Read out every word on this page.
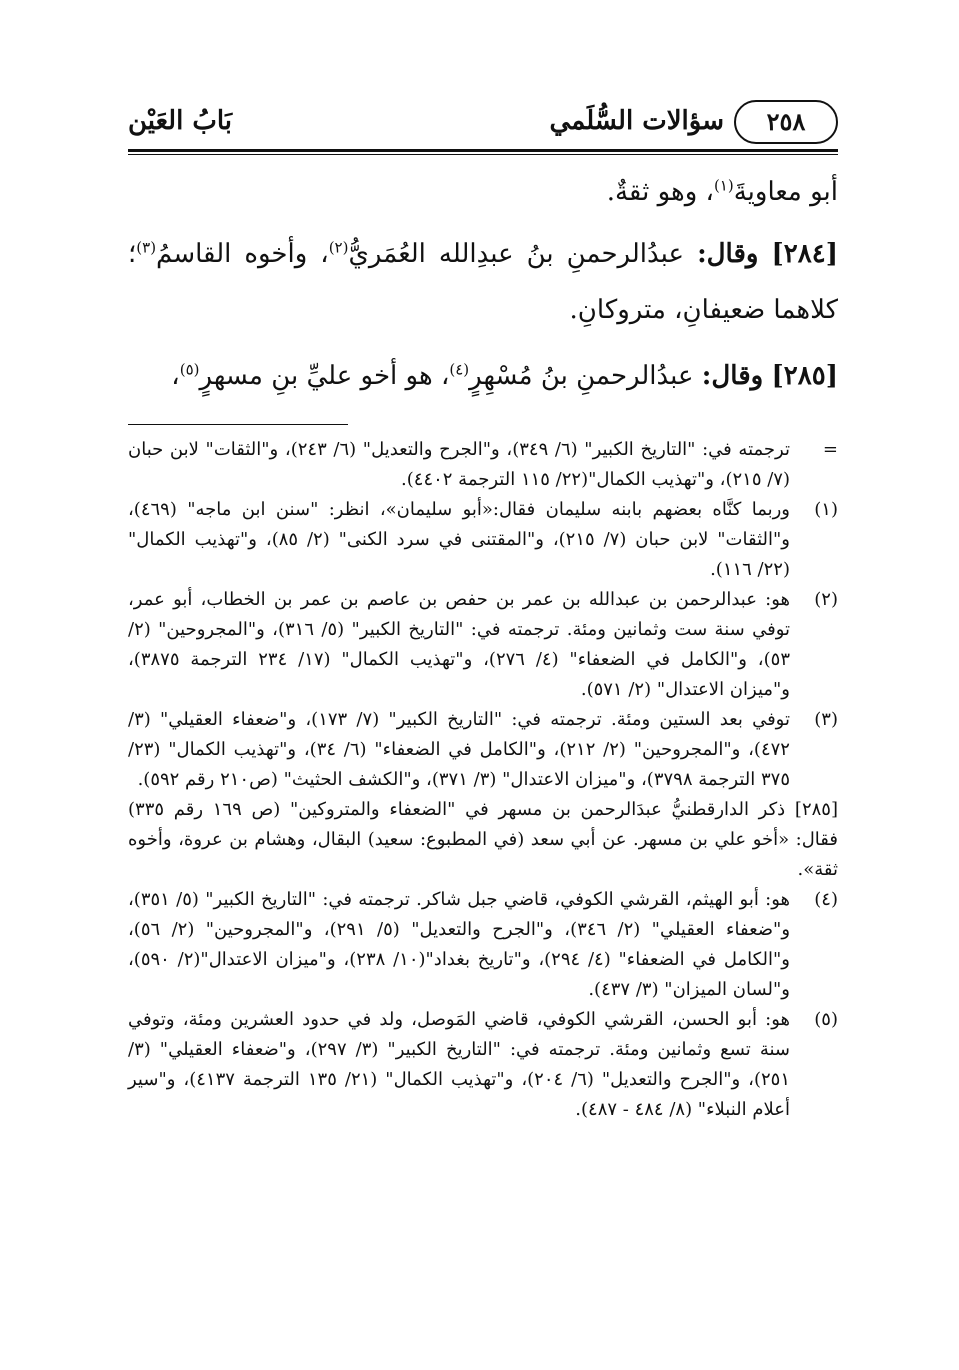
٢٥٨
سؤالات السُّلَمي
بَابُ العَيْن

أبو معاويةَ$^{(١)}$، وهو ثقةٌ.

[٢٨٤] وقال: عبدُالرحمنِ بنُ عبدِالله العُمَريُّ$^{(٢)}$، وأخوه القاسمُ$^{(٣)}$؛ كلاهما ضعيفانِ، متروكانِ.

[٢٨٥] وقال: عبدُالرحمنِ بنُ مُسْهِرٍ$^{(٤)}$، هو أخو عليِّ بنِ مسهرٍ$^{(٥)}$،

=
ترجمته في: "التاريخ الكبير" (٦/ ٣٤٩)، و"الجرح والتعديل" (٦/ ٢٤٣)، و"الثقات" لابن حبان (٧/ ٢١٥)، و"تهذيب الكمال"(٢٢/ ١١٥ الترجمة ٤٤٠٢).
(١)
وربما كنَّاه بعضهم بابنه سليمان فقال:«أبو سليمان»، انظر: "سنن ابن ماجه" (٤٦٩)، و"الثقات" لابن حبان (٧/ ٢١٥)، و"المقتنى في سرد الكنى" (٢/ ٨٥)، و"تهذيب الكمال" (٢٢/ ١١٦).
(٢)
هو: عبدالرحمن بن عبدالله بن عمر بن حفص بن عاصم بن عمر بن الخطاب، أبو عمر، توفي سنة ست وثمانين ومئة. ترجمته في: "التاريخ الكبير" (٥/ ٣١٦)، و"المجروحين" (٢/ ٥٣)، و"الكامل في الضعفاء" (٤/ ٢٧٦)، و"تهذيب الكمال" (١٧/ ٢٣٤ الترجمة ٣٨٧٥)، و"ميزان الاعتدال" (٢/ ٥٧١).
(٣)
توفي بعد الستين ومئة. ترجمته في: "التاريخ الكبير" (٧/ ١٧٣)، و"ضعفاء العقيلي" (٣/ ٤٧٢)، و"المجروحين" (٢/ ٢١٢)، و"الكامل في الضعفاء" (٦/ ٣٤)، و"تهذيب الكمال" (٢٣/ ٣٧٥ الترجمة ٣٧٩٨)، و"ميزان الاعتدال" (٣/ ٣٧١)، و"الكشف الحثيث" (ص٢١٠ رقم ٥٩٢).
[٢٨٥] ذكر الدارقطنيُّ عبدَالرحمن بن مسهر في "الضعفاء والمتروكين" (ص ١٦٩ رقم ٣٣٥) فقال: «أخو علي بن مسهر. عن أبي سعد (في المطبوع: سعيد) البقال، وهشام بن عروة، وأخوه ثقة».
(٤)
هو: أبو الهيثم، القرشي الكوفي، قاضي جبل شاكر. ترجمته في: "التاريخ الكبير" (٥/ ٣٥١)، و"ضعفاء العقيلي" (٢/ ٣٤٦)، و"الجرح والتعديل" (٥/ ٢٩١)، و"المجروحين" (٢/ ٥٦)، و"الكامل في الضعفاء" (٤/ ٢٩٤)، و"تاريخ بغداد"(١٠/ ٢٣٨)، و"ميزان الاعتدال"(٢/ ٥٩٠)، و"لسان الميزان" (٣/ ٤٣٧).
(٥)
هو: أبو الحسن، القرشي الكوفي، قاضي المَوصل، ولد في حدود العشرين ومئة، وتوفي سنة تسع وثمانين ومئة. ترجمته في: "التاريخ الكبير" (٣/ ٢٩٧)، و"ضعفاء العقيلي" (٣/ ٢٥١)، و"الجرح والتعديل" (٦/ ٢٠٤)، و"تهذيب الكمال" (٢١/ ١٣٥ الترجمة ٤١٣٧)، و"سير أعلام النبلاء" (٨/ ٤٨٤ - ٤٨٧).
